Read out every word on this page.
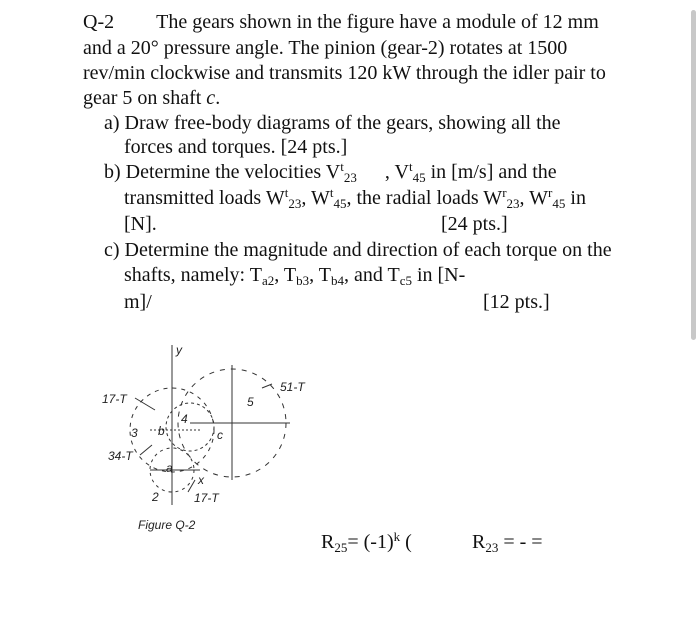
Q-2 The gears shown in the figure have a module of 12 mm
and a 20° pressure angle. The pinion (gear-2) rotates at 1500
rev/min clockwise and transmits 120 kW through the idler pair to
gear 5 on shaft c.
a) Draw free-body diagrams of the gears, showing all the
forces and torques. [24 pts.]
b) Determine the velocities $V^t_{23}$ , $V^t_{45}$ in [m/s] and the
transmitted loads $W^t_{23}$, $W^t_{45}$, the radial loads $W^r_{23}$, $W^r_{45}$ in
[N].	[24 pts.]
c) Determine the magnitude and direction of each torque on the
shafts, namely: $T_{a2}$, $T_{b3}$, $T_{b4}$, and $T_{c5}$ in [N-
m]/	[12 pts.]
y
x
4
5
b	c
a
3
2
17-T
34-T
17-T
51-T
Figure Q-2
$R_{25}= (-1)^k$ (	$R_{23}$ = - =
